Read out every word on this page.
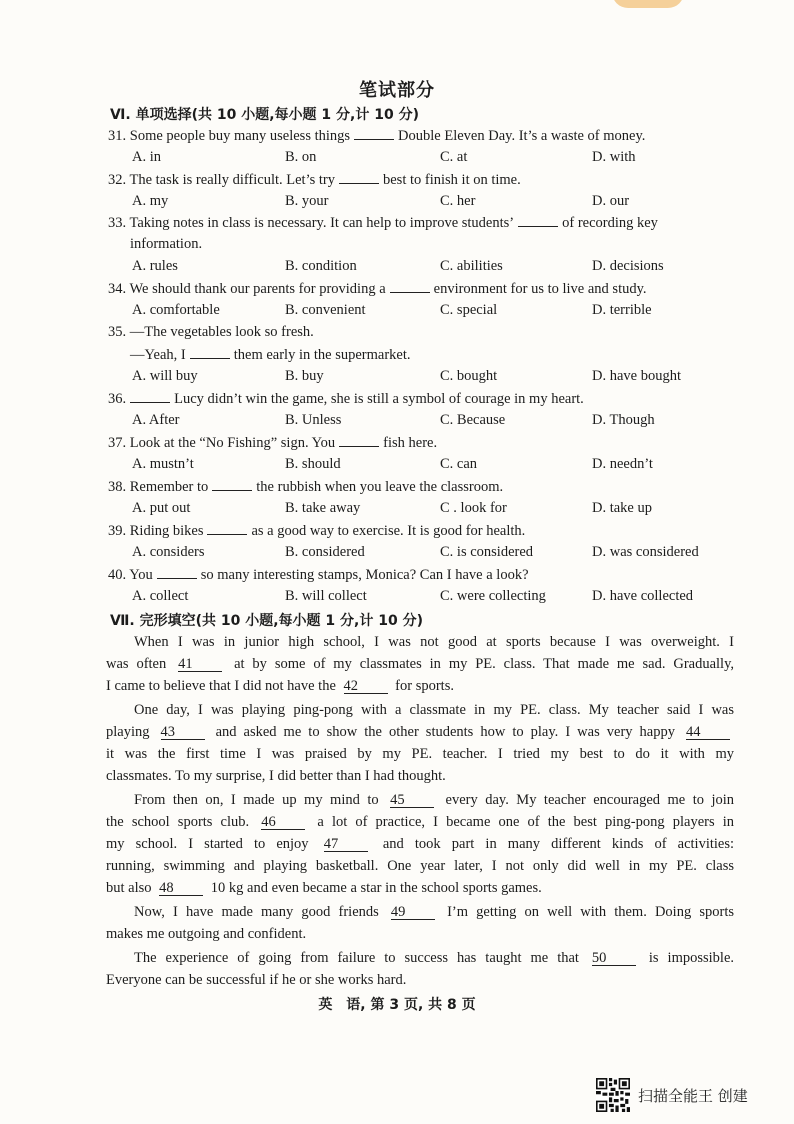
笔试部分
Ⅵ. 单项选择(共 10 小题,每小题 1 分,计 10 分)
31. Some people buy many useless things	Double Eleven Day. It’s a waste of money.
A. in	B. on	C. at	D. with
32. The task is really difficult. Let’s try	best to finish it on time.
A. my	B. your	C. her	D. our
33. Taking notes in class is necessary. It can help to improve students’	of recording key
information.
A. rules	B. condition	C. abilities	D. decisions
34. We should thank our parents for providing a	environment for us to live and study.
A. comfortable	B. convenient	C. special	D. terrible
35. —The vegetables look so fresh.
—Yeah, I	them early in the supermarket.
A. will buy	B. buy	C. bought	D. have bought
36.	Lucy didn’t win the game, she is still a symbol of courage in my heart.
A. After	B. Unless	C. Because	D. Though
37. Look at the “No Fishing” sign. You	fish here.
A. mustn’t	B. should	C. can	D. needn’t
38. Remember to	the rubbish when you leave the classroom.
A. put out	B. take away	C . look for	D. take up
39. Riding bikes	as a good way to exercise. It is good for health.
A. considers	B. considered	C. is considered	D. was considered
40. You	so many interesting stamps, Monica? Can I have a look?
A. collect	B. will collect	C. were collecting	D. have collected
Ⅶ. 完形填空(共 10 小题,每小题 1 分,计 10 分)
When I was in junior high school, I was not good at sports because I was overweight. I
was often 41	at by some of my classmates in my PE. class. That made me sad. Gradually,
I came to believe that I did not have the 42	for sports.
One day, I was playing ping-pong with a classmate in my PE. class. My teacher said I was
playing 43	and asked me to show the other students how to play. I was very happy 44
it was the first time I was praised by my PE. teacher. I tried my best to do it with my
classmates. To my surprise, I did better than I had thought.
From then on, I made up my mind to 45	every day. My teacher encouraged me to join
the school sports club. 46	a lot of practice, I became one of the best ping-pong players in
my school. I started to enjoy 47	and took part in many different kinds of activities:
running, swimming and playing basketball. One year later, I not only did well in my PE. class
but also 48	10 kg and even became a star in the school sports games.
Now, I have made many good friends 49	I’m getting on well with them. Doing sports
makes me outgoing and confident.
The experience of going from failure to success has taught me that 50	is impossible.
Everyone can be successful if he or she works hard.
英　语, 第 3 页, 共 8 页
扫描全能王 创建
